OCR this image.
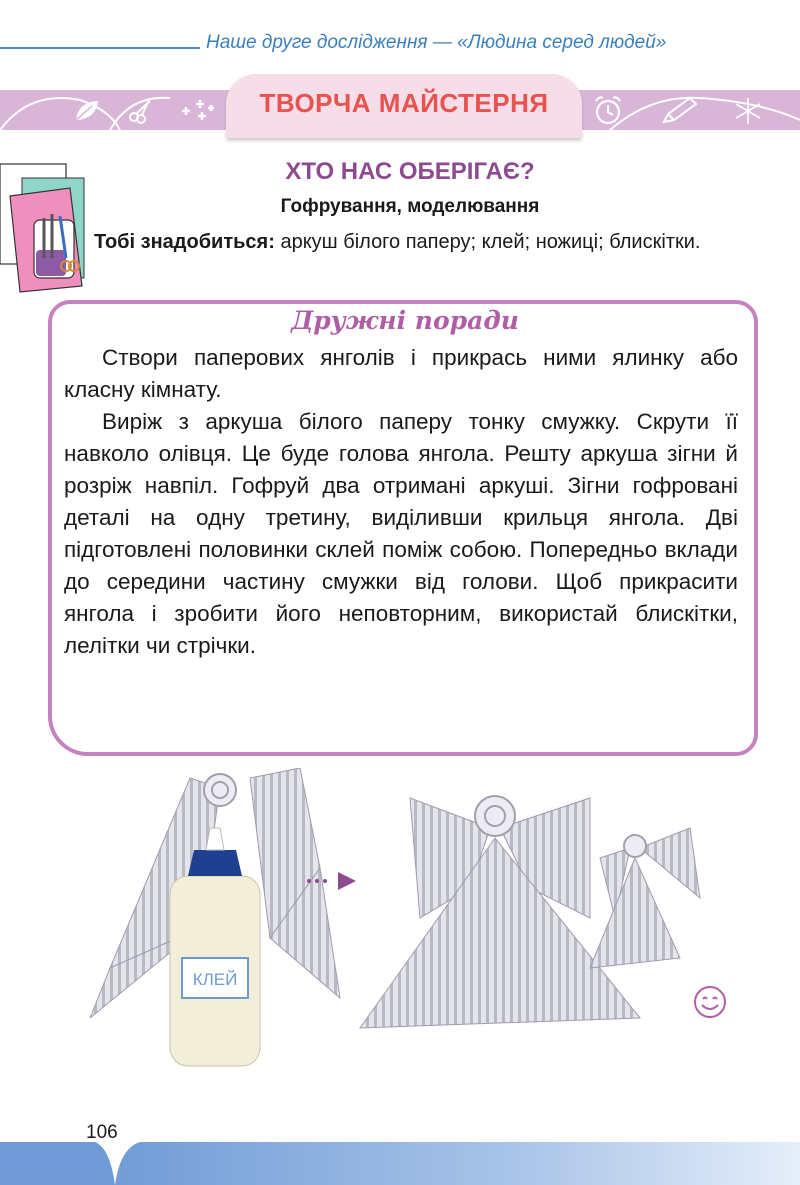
Наше друге дослідження — «Людина серед людей»
ТВОРЧА МАЙСТЕРНЯ
ХТО НАС ОБЕРІГАЄ?
Гофрування, моделювання
Тобі знадобиться: аркуш білого паперу; клей; ножиці; блискітки.
Дружні поради

Створи паперових янголів і прикрась ними ялинку або класну кімнату.

Виріж з аркуша білого паперу тонку смужку. Скрути її навколо олівця. Це буде голова янгола. Решту аркуша зігни й розріж навпіл. Гофруй два отримані аркуші. Зігни гофровані деталі на одну третину, виділивши крильця янгола. Дві підготовлені половинки склей поміж собою. Попередньо вклади до середини частину смужки від голови. Щоб прикрасити янгола і зробити його неповторним, використай блискітки, лелітки чи стрічки.

КЛЕЙ
106
